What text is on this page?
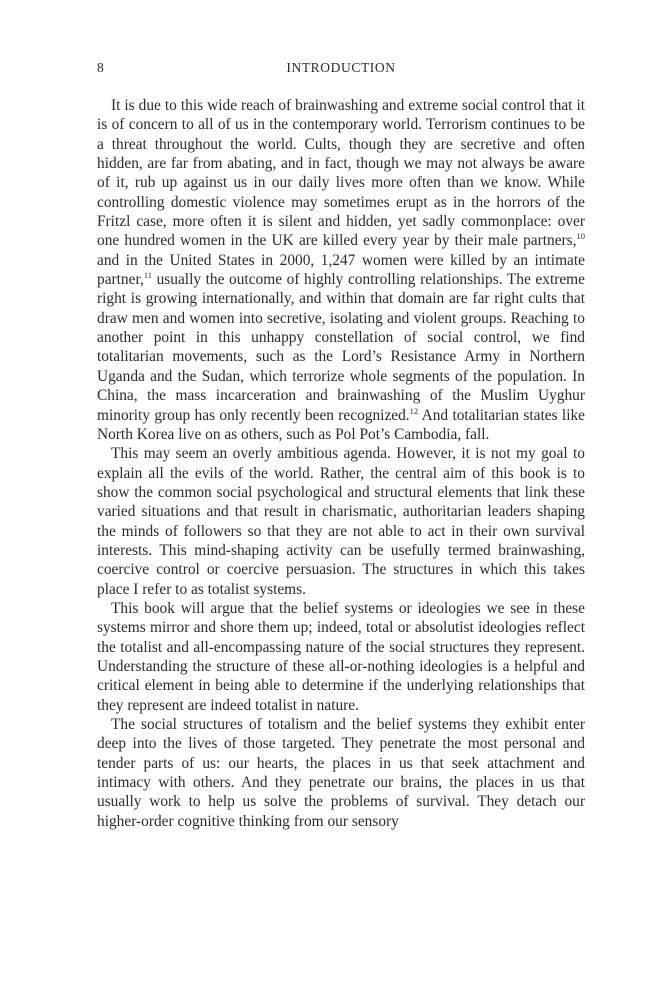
8	INTRODUCTION

It is due to this wide reach of brainwashing and extreme social control that it is of concern to all of us in the contemporary world. Terrorism continues to be a threat throughout the world. Cults, though they are secretive and often hidden, are far from abating, and in fact, though we may not always be aware of it, rub up against us in our daily lives more often than we know. While controlling domestic violence may sometimes erupt as in the horrors of the Fritzl case, more often it is silent and hidden, yet sadly commonplace: over one hundred women in the UK are killed every year by their male partners,$^{10}$ and in the United States in 2000, 1,247 women were killed by an intimate partner,$^{11}$ usually the outcome of highly controlling relationships. The extreme right is growing internationally, and within that domain are far right cults that draw men and women into secretive, isolating and violent groups. Reaching to another point in this unhappy constellation of social control, we find totalitarian movements, such as the Lord’s Resistance Army in Northern Uganda and the Sudan, which terrorize whole segments of the population. In China, the mass incarceration and brainwashing of the Muslim Uyghur minority group has only recently been recognized.$^{12}$ And totalitarian states like North Korea live on as others, such as Pol Pot’s Cambodia, fall.

This may seem an overly ambitious agenda. However, it is not my goal to explain all the evils of the world. Rather, the central aim of this book is to show the common social psychological and structural elements that link these varied situations and that result in charismatic, authoritarian leaders shaping the minds of followers so that they are not able to act in their own survival interests. This mind-shaping activity can be usefully termed brainwashing, coercive control or coercive persuasion. The structures in which this takes place I refer to as totalist systems.

This book will argue that the belief systems or ideologies we see in these systems mirror and shore them up; indeed, total or absolutist ideologies reflect the totalist and all-encompassing nature of the social structures they represent. Understanding the structure of these all-or-nothing ideologies is a helpful and critical element in being able to determine if the underlying relationships that they represent are indeed totalist in nature.

The social structures of totalism and the belief systems they exhibit enter deep into the lives of those targeted. They penetrate the most personal and tender parts of us: our hearts, the places in us that seek attachment and intimacy with others. And they penetrate our brains, the places in us that usually work to help us solve the problems of survival. They detach our higher-order cognitive thinking from our sensory
